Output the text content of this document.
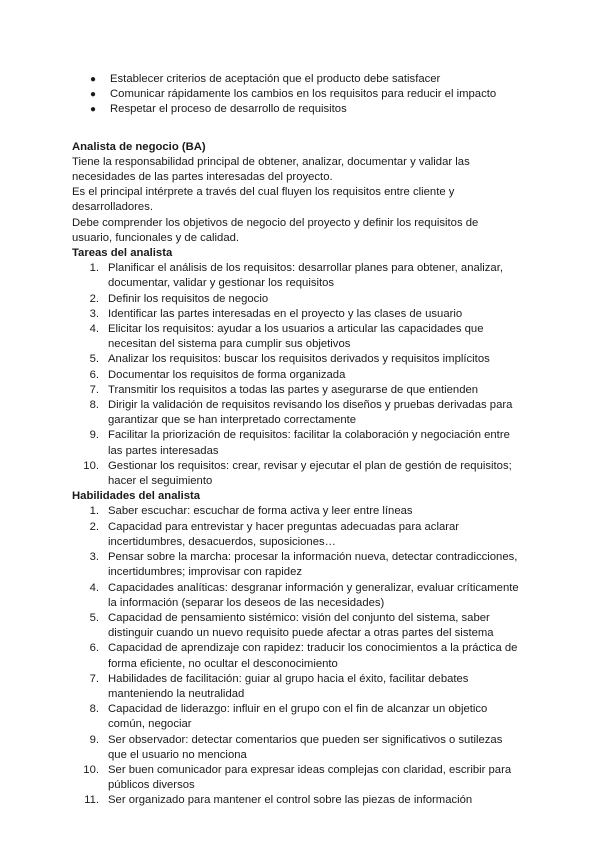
● Establecer criterios de aceptación que el producto debe satisfacer
● Comunicar rápidamente los cambios en los requisitos para reducir el impacto
● Respetar el proceso de desarrollo de requisitos
Analista de negocio (BA)

Tiene la responsabilidad principal de obtener, analizar, documentar y validar las necesidades de las partes interesadas del proyecto.

Es el principal intérprete a través del cual fluyen los requisitos entre cliente y desarrolladores.

Debe comprender los objetivos de negocio del proyecto y definir los requisitos de usuario, funcionales y de calidad.

Tareas del analista
1. Planificar el análisis de los requisitos: desarrollar planes para obtener, analizar, documentar, validar y gestionar los requisitos
2. Definir los requisitos de negocio
3. Identificar las partes interesadas en el proyecto y las clases de usuario
4. Elicitar los requisitos: ayudar a los usuarios a articular las capacidades que necesitan del sistema para cumplir sus objetivos
5. Analizar los requisitos: buscar los requisitos derivados y requisitos implícitos
6. Documentar los requisitos de forma organizada
7. Transmitir los requisitos a todas las partes y asegurarse de que entienden
8. Dirigir la validación de requisitos revisando los diseños y pruebas derivadas para garantizar que se han interpretado correctamente
9. Facilitar la priorización de requisitos: facilitar la colaboración y negociación entre las partes interesadas
10. Gestionar los requisitos: crear, revisar y ejecutar el plan de gestión de requisitos; hacer el seguimiento
Habilidades del analista
1. Saber escuchar: escuchar de forma activa y leer entre líneas
2. Capacidad para entrevistar y hacer preguntas adecuadas para aclarar incertidumbres, desacuerdos, suposiciones…
3. Pensar sobre la marcha: procesar la información nueva, detectar contradicciones, incertidumbres; improvisar con rapidez
4. Capacidades analíticas: desgranar información y generalizar, evaluar críticamente la información (separar los deseos de las necesidades)
5. Capacidad de pensamiento sistémico: visión del conjunto del sistema, saber distinguir cuando un nuevo requisito puede afectar a otras partes del sistema
6. Capacidad de aprendizaje con rapidez: traducir los conocimientos a la práctica de forma eficiente, no ocultar el desconocimiento
7. Habilidades de facilitación: guiar al grupo hacia el éxito, facilitar debates manteniendo la neutralidad
8. Capacidad de liderazgo: influir en el grupo con el fin de alcanzar un objetico común, negociar
9. Ser observador: detectar comentarios que pueden ser significativos o sutilezas que el usuario no menciona
10. Ser buen comunicador para expresar ideas complejas con claridad, escribir para públicos diversos
11. Ser organizado para mantener el control sobre las piezas de información
